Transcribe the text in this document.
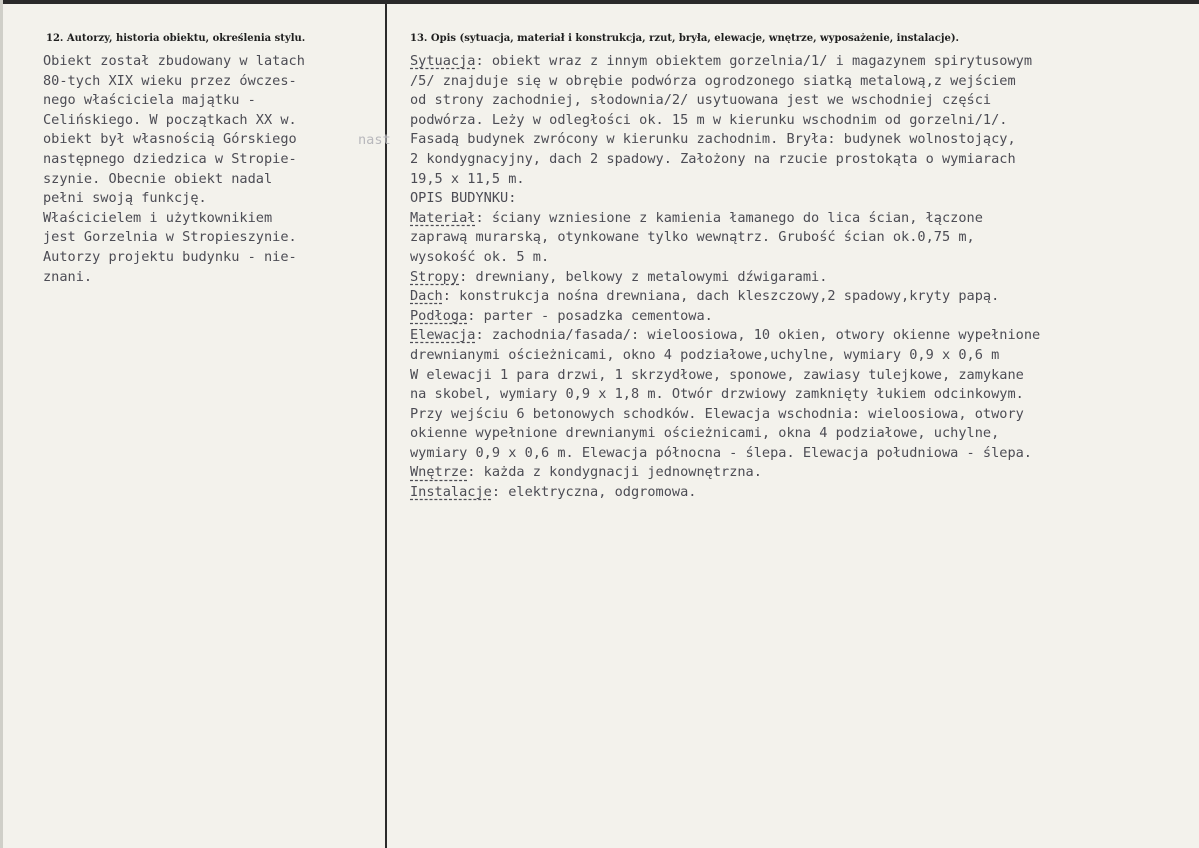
12. Autorzy, historia obiektu, określenia stylu.	13. Opis (sytuacja, materiał i konstrukcja, rzut, bryła, elewacje, wnętrze, wyposażenie, instalacje).
Obiekt został zbudowany w latach
80-tych XIX wieku przez ówczes-
nego właściciela majątku -
Celińskiego. W początkach XX w.
obiekt był własnością Górskiego
następnego dziedzica w Stropie-
szynie. Obecnie obiekt nadal
pełni swoją funkcję.
Właścicielem i użytkownikiem
jest Gorzelnia w Stropieszynie.
Autorzy projektu budynku - nie-
znani.
nast
Sytuacja: obiekt wraz z innym obiektem gorzelnia/1/ i magazynem spirytusowym
/5/ znajduje się w obrębie podwórza ogrodzonego siatką metalową,z wejściem
od strony zachodniej, słodownia/2/ usytuowana jest we wschodniej części
podwórza. Leży w odległości ok. 15 m w kierunku wschodnim od gorzelni/1/.
Fasadą budynek zwrócony w kierunku zachodnim. Bryła: budynek wolnostojący,
2 kondygnacyjny, dach 2 spadowy. Założony na rzucie prostokąta o wymiarach
19,5 x 11,5 m.
OPIS BUDYNKU:
Materiał: ściany wzniesione z kamienia łamanego do lica ścian, łączone
zaprawą murarską, otynkowane tylko wewnątrz. Grubość ścian ok.0,75 m,
wysokość ok. 5 m.
Stropy: drewniany, belkowy z metalowymi dźwigarami.
Dach: konstrukcja nośna drewniana, dach kleszczowy,2 spadowy,kryty papą.
Podłoga: parter - posadzka cementowa.
Elewacja: zachodnia/fasada/: wieloosiowa, 10 okien, otwory okienne wypełnione
drewnianymi ościeżnicami, okno 4 podziałowe,uchylne, wymiary 0,9 x 0,6 m
W elewacji 1 para drzwi, 1 skrzydłowe, sponowe, zawiasy tulejkowe, zamykane
na skobel, wymiary 0,9 x 1,8 m. Otwór drzwiowy zamknięty łukiem odcinkowym.
Przy wejściu 6 betonowych schodków. Elewacja wschodnia: wieloosiowa, otwory
okienne wypełnione drewnianymi ościeżnicami, okna 4 podziałowe, uchylne,
wymiary 0,9 x 0,6 m. Elewacja północna - ślepa. Elewacja południowa - ślepa.
Wnętrze: każda z kondygnacji jednownętrzna.
Instalacje: elektryczna, odgromowa.
